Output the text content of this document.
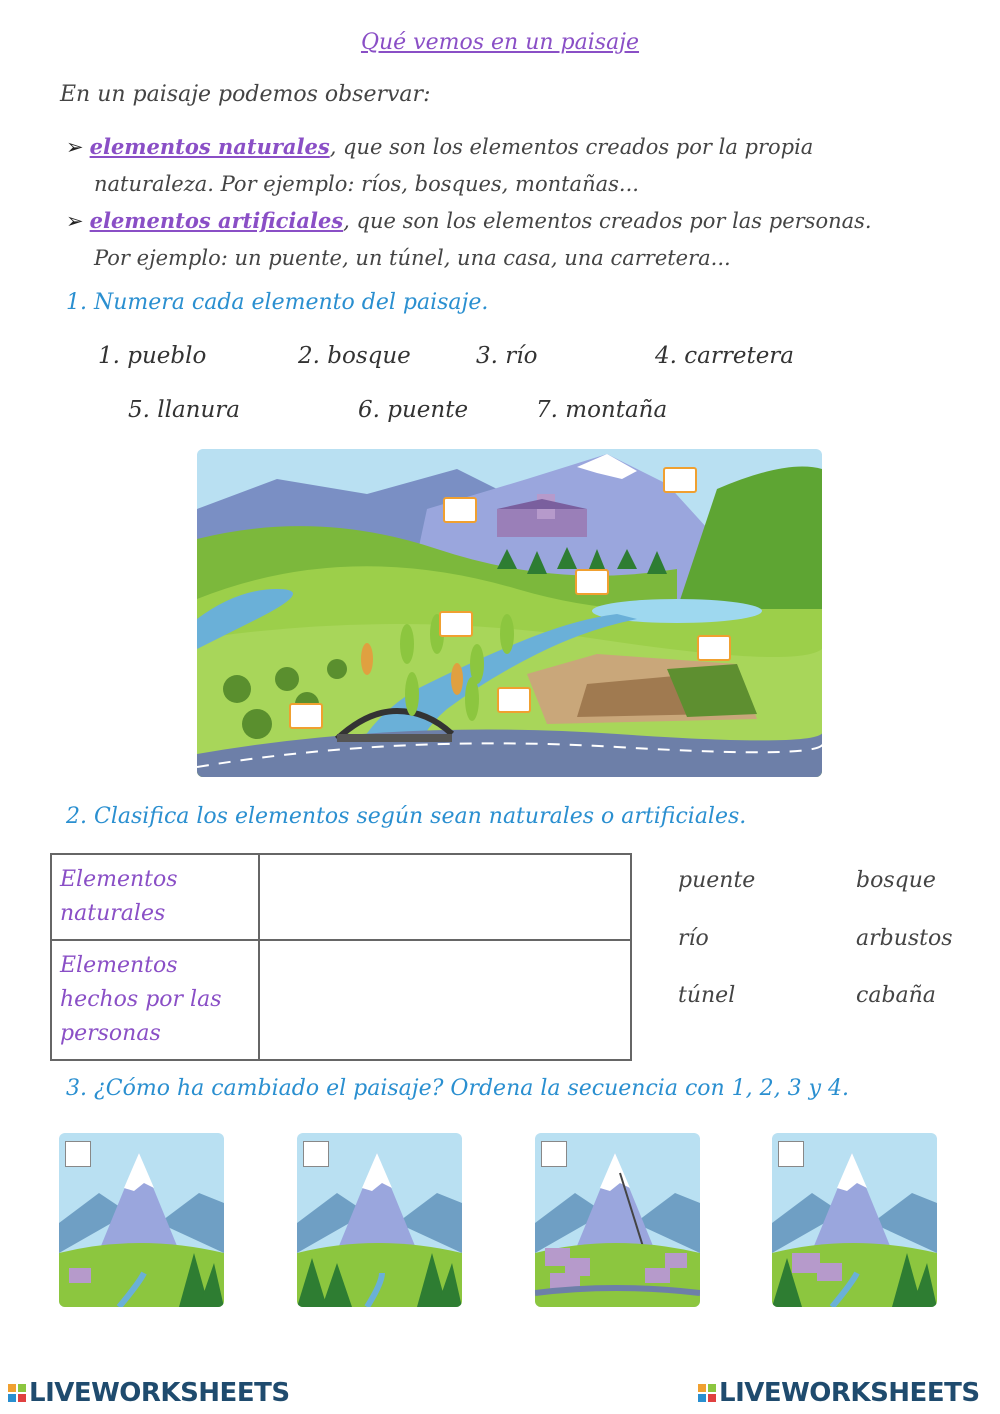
Qué vemos en un paisaje
En un paisaje podemos observar:
➢ elementos naturales, que son los elementos creados por la propia
naturaleza. Por ejemplo: ríos, bosques, montañas...
➢ elementos artificiales, que son los elementos creados por las personas.
Por ejemplo: un puente, un túnel, una casa, una carretera...
1. Numera cada elemento del paisaje.
1. pueblo	2. bosque	3. río	4. carretera
5. llanura	6. puente	7. montaña
2. Clasifica los elementos según sean naturales o artificiales.
Elementos naturales	
Elementos hechos por las personas	
puente	bosque
río	arbustos
túnel	cabaña
3. ¿Cómo ha cambiado el paisaje? Ordena la secuencia con 1, 2, 3 y 4.
LIVEWORKSHEETS	LIVEWORKSHEETS
